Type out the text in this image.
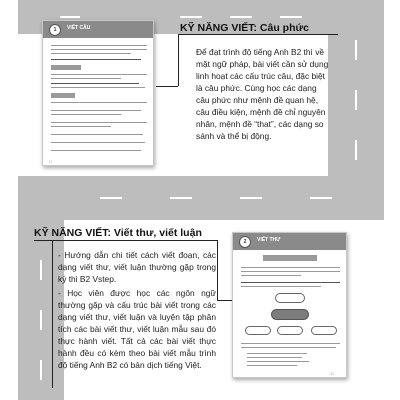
1	VIẾT CÂU
□
2	VIẾT THƯ
□
KỸ NĂNG VIẾT: Câu phức
Để đạt trình độ tiếng Anh B2 thì về mặt ngữ pháp, bài viết cần sử dụng linh hoạt các cấu trúc câu, đặc biệt là câu phức. Cùng học các dạng câu phức như mệnh đề quan hệ, câu điều kiện, mệnh đề chỉ nguyên nhân, mệnh đề “that”, các dạng so sánh và thể bị động.
KỸ NĂNG VIẾT: Viết thư, viết luận

- Hướng dẫn chi tiết cách viết đoạn, các dạng viết thư, viết luận thường gặp trong kỳ thi B2 Vstep.

- Học viên được học các ngôn ngữ thường gặp và cấu trúc bài viết trong các dạng viết thư, viết luận và luyện tập phân tích các bài viết thư, viết luận mẫu sau đó thực hành viết. Tất cả các bài viết thực hành đều có kèm theo bài viết mẫu trình độ tiếng Anh B2 có bản dịch tiếng Việt.
